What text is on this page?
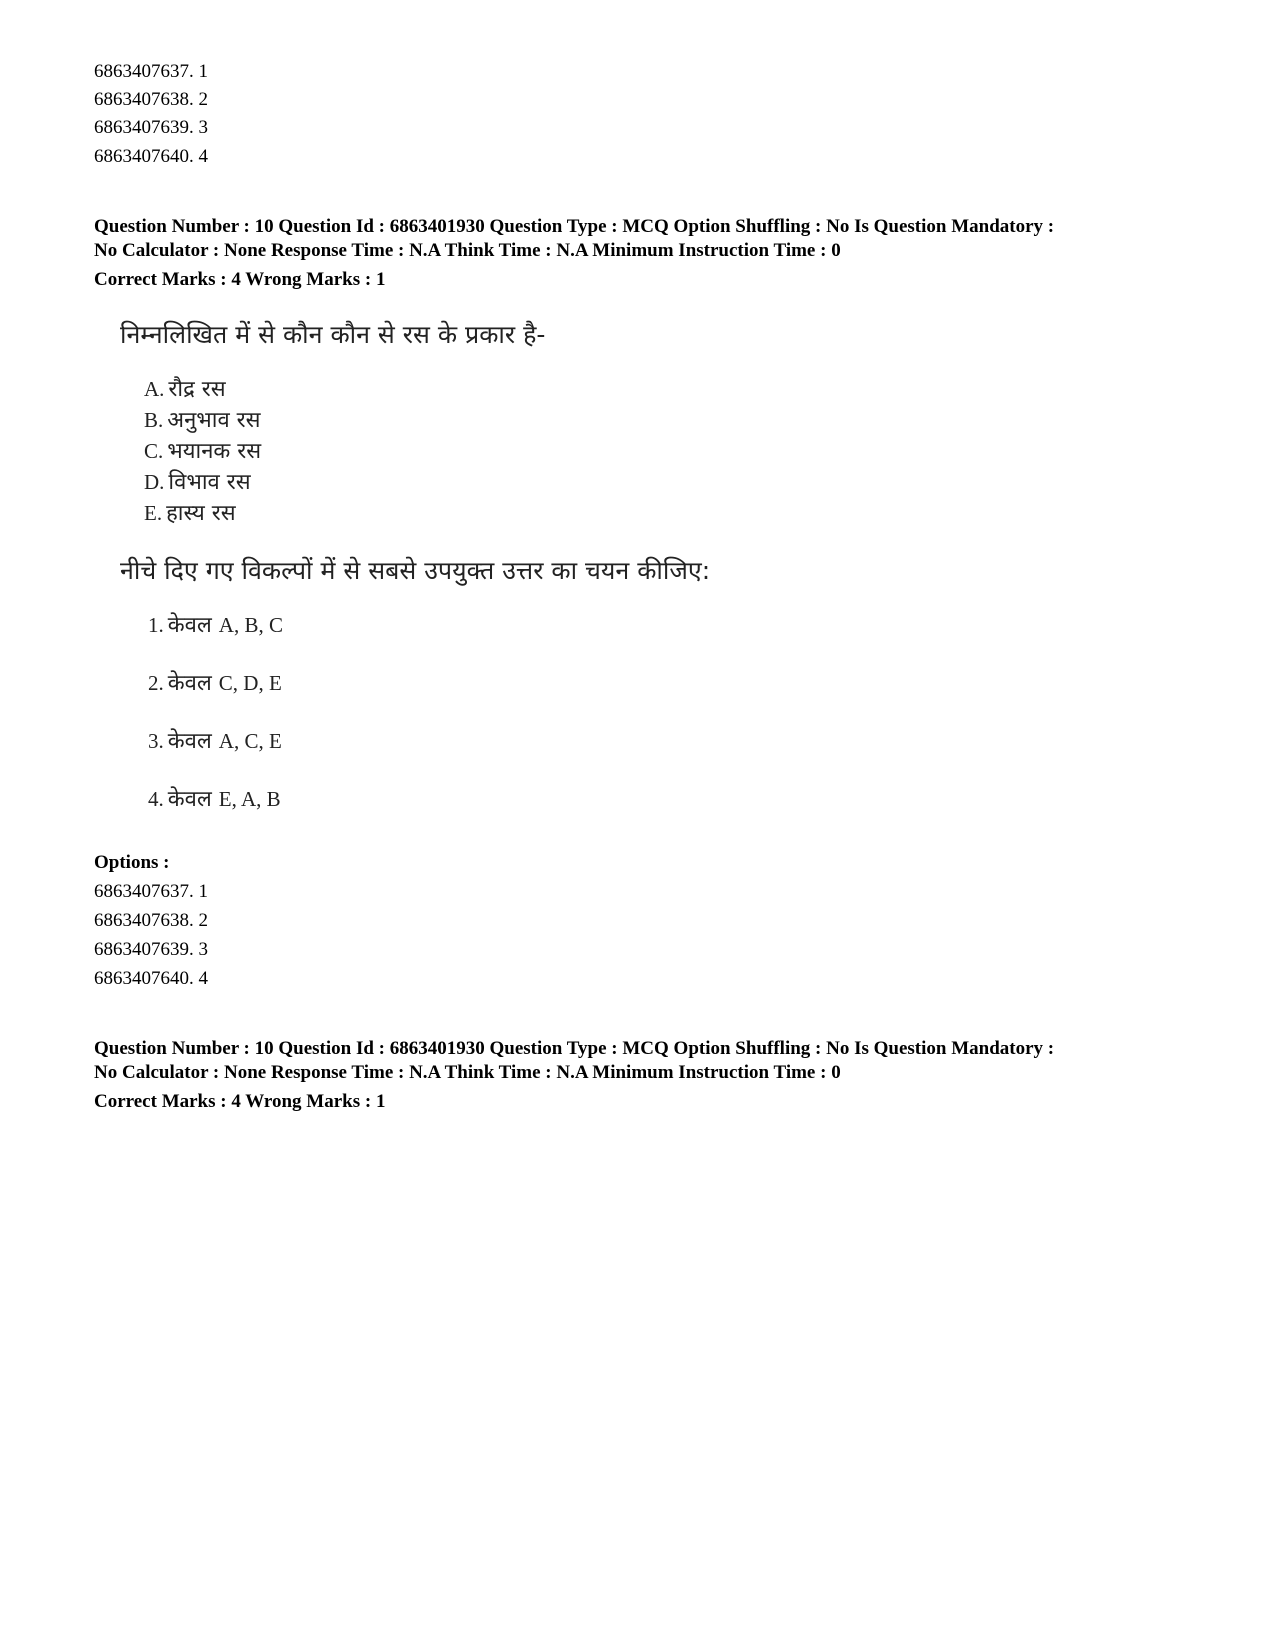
6863407637. 1
6863407638. 2
6863407639. 3
6863407640. 4
Question Number : 10 Question Id : 6863401930 Question Type : MCQ Option Shuffling : No Is Question Mandatory :
No Calculator : None Response Time : N.A Think Time : N.A Minimum Instruction Time : 0
Correct Marks : 4 Wrong Marks : 1
निम्नलिखित में से कौन कौन से रस के प्रकार है-
A. रौद्र रस
B. अनुभाव रस
C. भयानक रस
D. विभाव रस
E. हास्य रस
नीचे दिए गए विकल्पों में से सबसे उपयुक्त उत्तर का चयन कीजिए:
1. केवल A, B, C
2. केवल C, D, E
3. केवल A, C, E
4. केवल E, A, B
Options :
6863407637. 1
6863407638. 2
6863407639. 3
6863407640. 4
Question Number : 10 Question Id : 6863401930 Question Type : MCQ Option Shuffling : No Is Question Mandatory :
No Calculator : None Response Time : N.A Think Time : N.A Minimum Instruction Time : 0
Correct Marks : 4 Wrong Marks : 1
